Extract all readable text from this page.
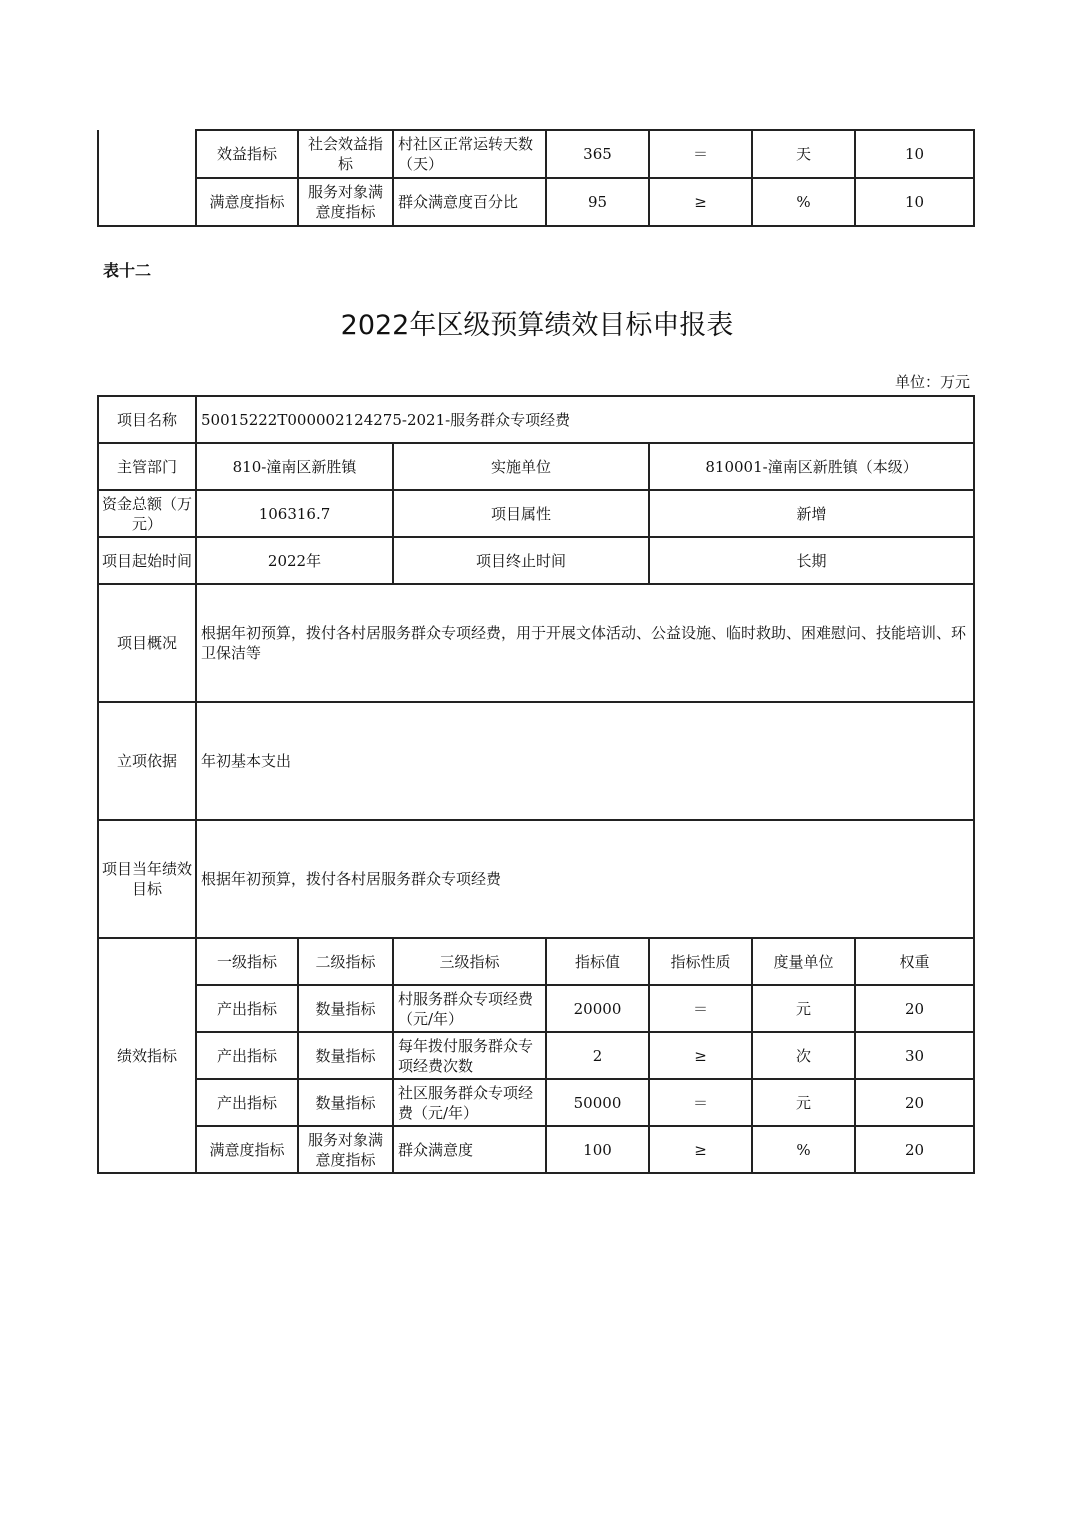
	效益指标	社会效益指标	村社区正常运转天数（天）	365	＝	天	10
	满意度指标	服务对象满意度指标	群众满意度百分比	95	≥	%	10
表十二
2022年区级预算绩效目标申报表
单位：万元
项目名称	50015222T000002124275-2021-服务群众专项经费						
主管部门	810-潼南区新胜镇		实施单位		810001-潼南区新胜镇（本级）		
资金总额（万元）	106316.7		项目属性		新增		
项目起始时间	2022年		项目终止时间		长期		
项目概况	根据年初预算，拨付各村居服务群众专项经费，用于开展文体活动、公益设施、临时救助、困难慰问、技能培训、环卫保洁等						
立项依据	年初基本支出						
项目当年绩效目标	根据年初预算，拨付各村居服务群众专项经费						
绩效指标	一级指标	二级指标	三级指标	指标值	指标性质	度量单位	权重
	产出指标	数量指标	村服务群众专项经费（元/年）	20000	＝	元	20
	产出指标	数量指标	每年拨付服务群众专项经费次数	2	≥	次	30
	产出指标	数量指标	社区服务群众专项经费（元/年）	50000	＝	元	20
	满意度指标	服务对象满意度指标	群众满意度	100	≥	%	20
